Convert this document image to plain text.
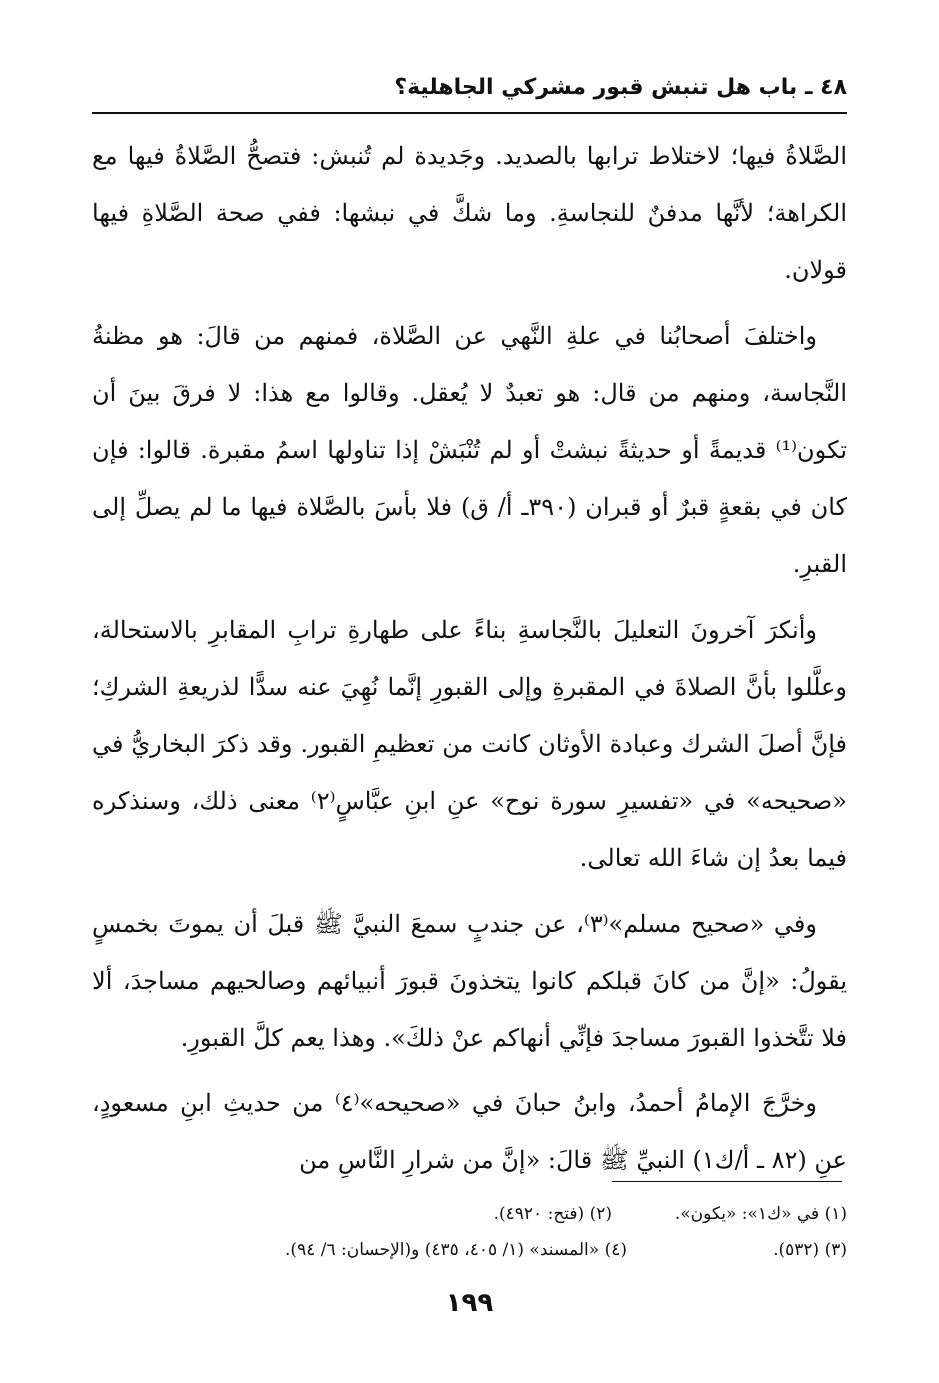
٤٨ ـ باب هل تنبش قبور مشركي الجاهلية؟

الصَّلاةُ فيها؛ لاختلاط ترابها بالصديد. وجَديدة لم تُنبش: فتصحُّ الصَّلاةُ فيها مع الكراهة؛ لأنَّها مدفنٌ للنجاسةِ. وما شكَّ في نبشها: ففي صحة الصَّلاةِ فيها قولان.

واختلفَ أصحابُنا في علةِ النَّهي عن الصَّلاة، فمنهم من قالَ: هو مظنةُ النَّجاسة، ومنهم من قال: هو تعبدٌ لا يُعقل. وقالوا مع هذا: لا فرقَ بينَ أن تكون⁽¹⁾ قديمةً أو حديثةً نبشتْ أو لم تُنْبَشْ إذا تناولها اسمُ مقبرة. قالوا: فإن كان في بقعةٍ قبرٌ أو قبران (٣٩٠ـ أ/ ق) فلا بأسَ بالصَّلاة فيها ما لم يصلِّ إلى القبرِ.

وأنكرَ آخرونَ التعليلَ بالنَّجاسةِ بناءً على طهارةِ ترابِ المقابرِ بالاستحالة، وعلَّلوا بأنَّ الصلاةَ في المقبرةِ وإلى القبورِ إنَّما نُهِيَ عنه سدًّا لذريعةِ الشركِ؛ فإنَّ أصلَ الشرك وعبادة الأوثان كانت من تعظيمِ القبور. وقد ذكرَ البخاريُّ في «صحيحه» في «تفسيرِ سورة نوح» عنِ ابنِ عبَّاسٍ⁽٢⁾ معنى ذلك، وسنذكره فيما بعدُ إن شاءَ الله تعالى.

وفي «صحيح مسلم»⁽٣⁾، عن جندبٍ سمعَ النبيَّ ﷺ قبلَ أن يموتَ بخمسٍ يقولُ: «إنَّ من كانَ قبلكم كانوا يتخذونَ قبورَ أنبيائهم وصالحيهم مساجدَ، ألا فلا تتَّخذوا القبورَ مساجدَ فإنِّي أنهاكم عنْ ذلكَ». وهذا يعم كلَّ القبورِ.

وخرَّجَ الإمامُ أحمدُ، وابنُ حبانَ في «صحيحه»⁽٤⁾ من حديثِ ابنِ مسعودٍ، عنِ (٨٢ ـ أ/ك١) النبيِّ ﷺ قالَ: «إنَّ من شرارِ النَّاسِ من

(١) في «ك١»: «يكون».
(٢) (فتح: ٤٩٢٠).
(٣) (٥٣٢).
(٤) «المسند» (١/ ٤٠٥، ٤٣٥) و(الإحسان: ٦/ ٩٤).
١٩٩
